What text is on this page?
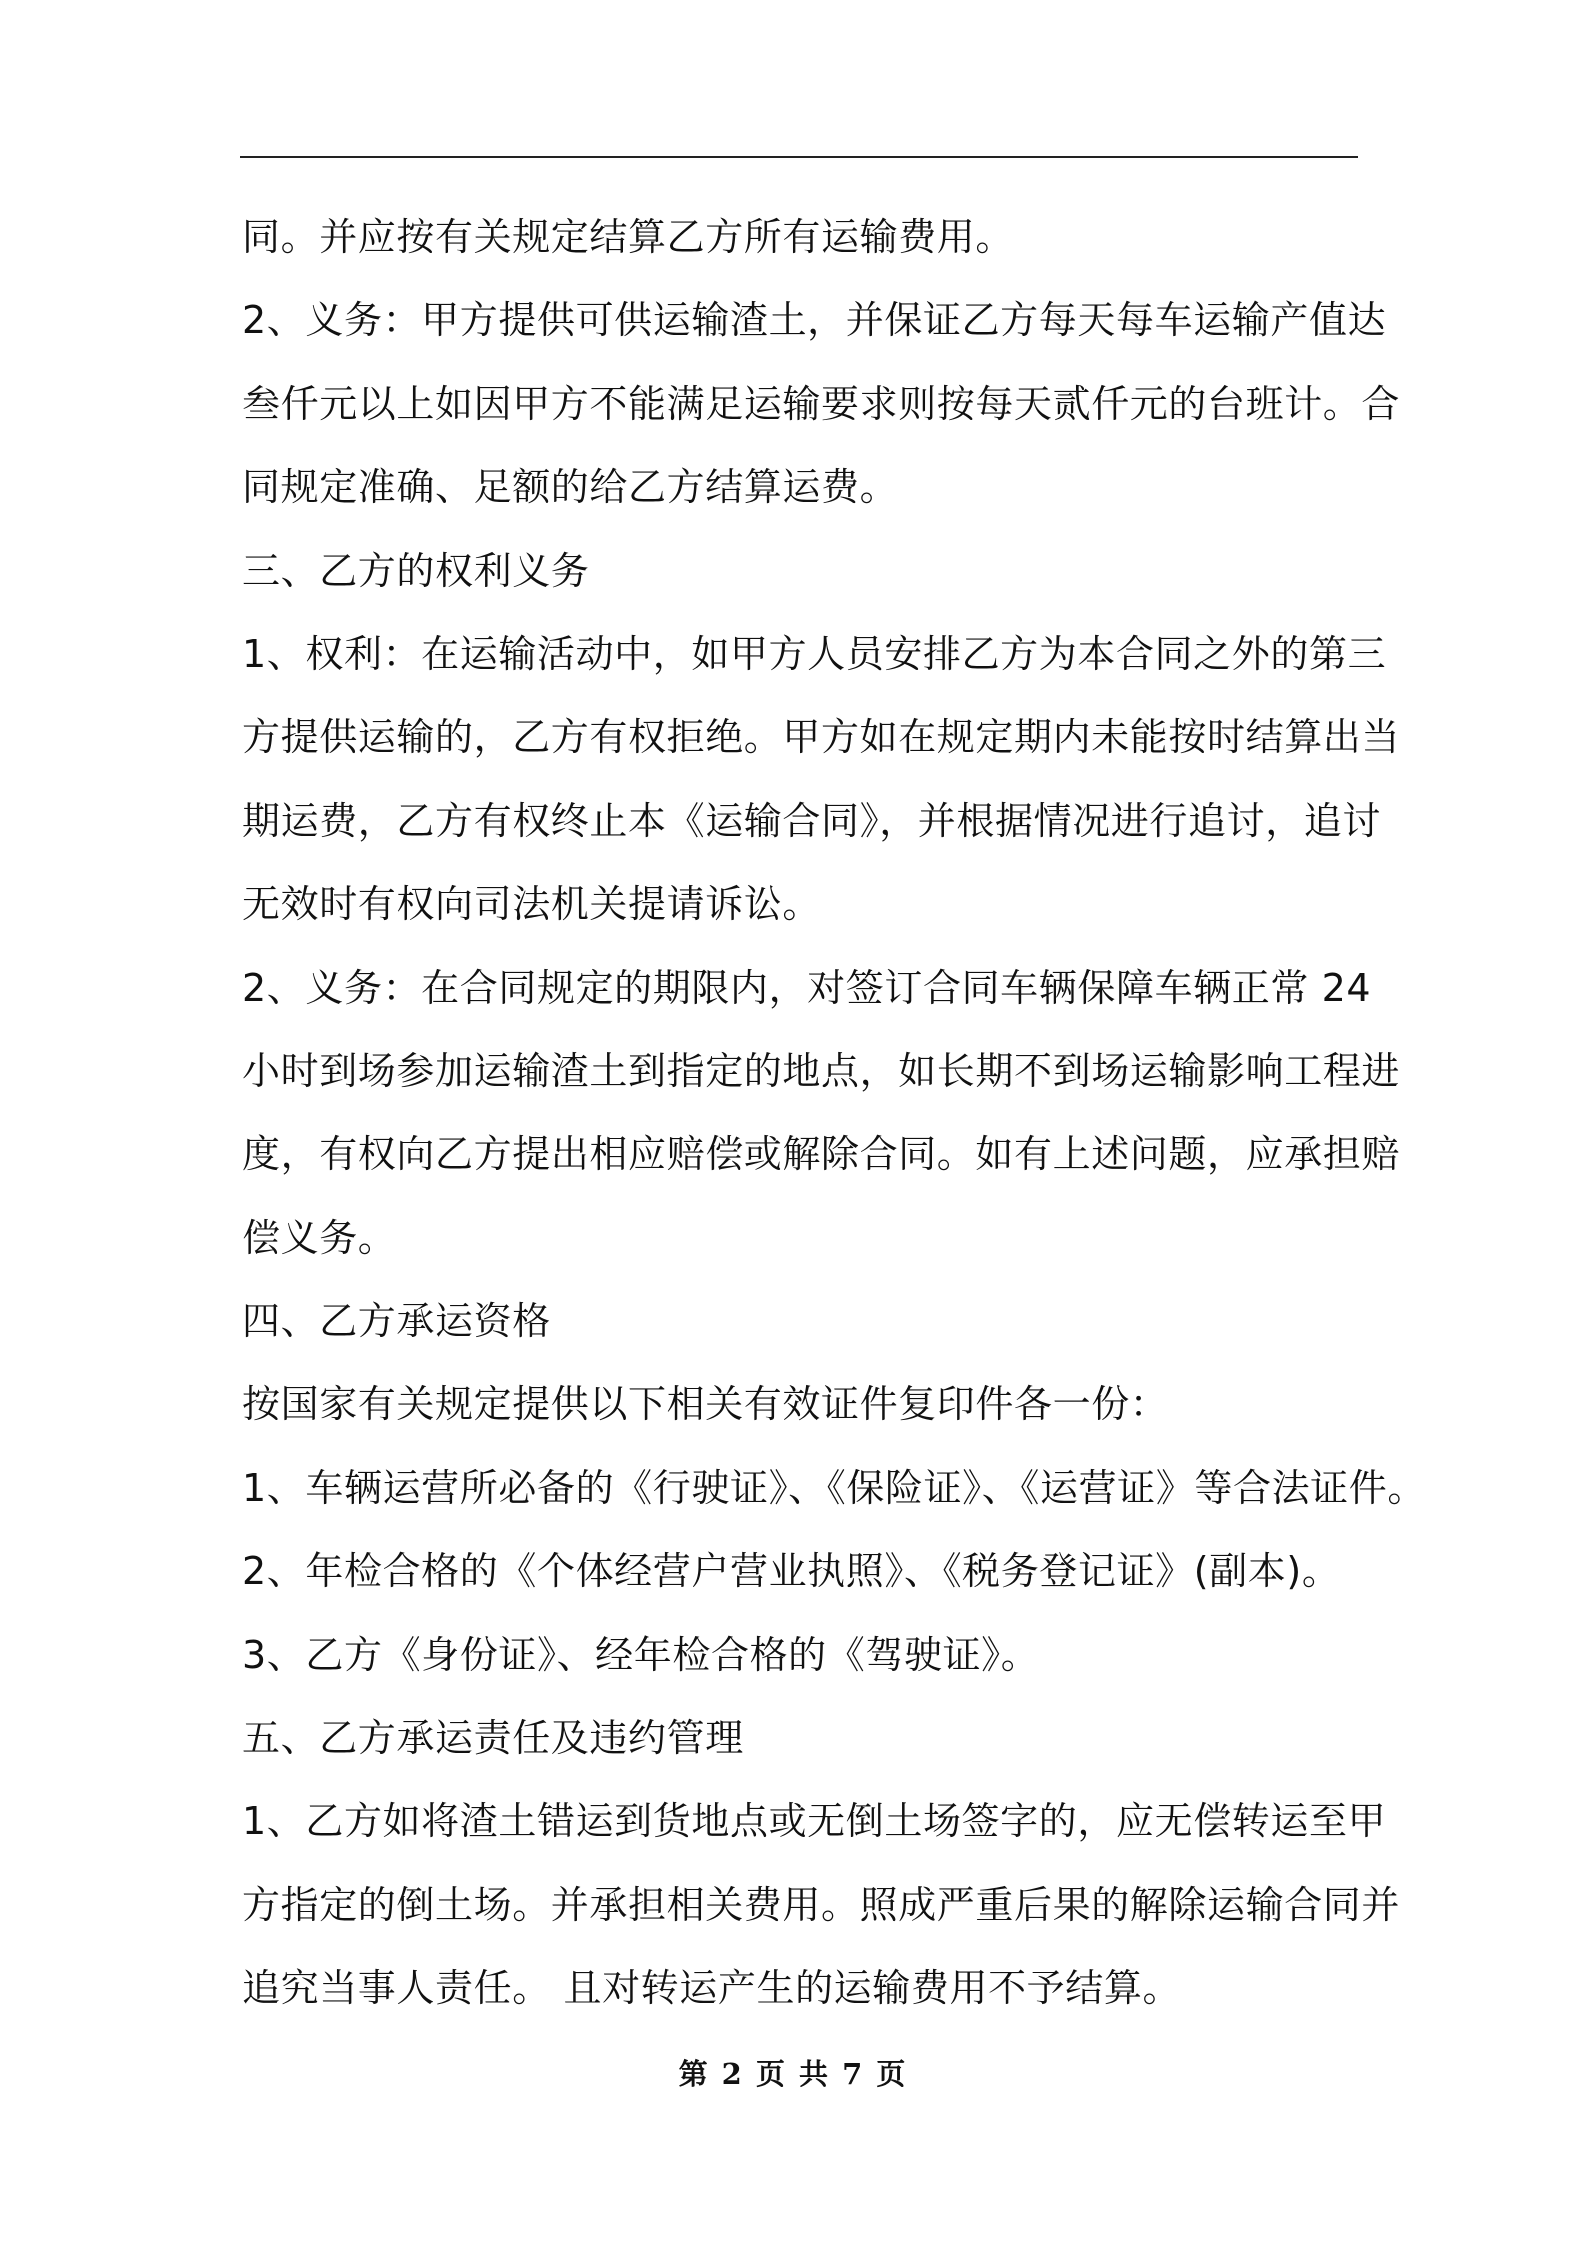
同。并应按有关规定结算乙方所有运输费用。
2、义务：甲方提供可供运输渣土，并保证乙方每天每车运输产值达
叁仟元以上如因甲方不能满足运输要求则按每天贰仟元的台班计。合
同规定准确、足额的给乙方结算运费。
三、乙方的权利义务
1、权利：在运输活动中，如甲方人员安排乙方为本合同之外的第三
方提供运输的，乙方有权拒绝。甲方如在规定期内未能按时结算出当
期运费，乙方有权终止本《运输合同》，并根据情况进行追讨，追讨
无效时有权向司法机关提请诉讼。
2、义务：在合同规定的期限内，对签订合同车辆保障车辆正常 24
小时到场参加运输渣土到指定的地点，如长期不到场运输影响工程进
度，有权向乙方提出相应赔偿或解除合同。如有上述问题，应承担赔
偿义务。
四、乙方承运资格
按国家有关规定提供以下相关有效证件复印件各一份：
1、车辆运营所必备的《行驶证》、《保险证》、《运营证》等合法证件。
2、年检合格的《个体经营户营业执照》、《税务登记证》(副本)。
3、乙方《身份证》、经年检合格的《驾驶证》。
五、乙方承运责任及违约管理
1、乙方如将渣土错运到货地点或无倒土场签字的，应无偿转运至甲
方指定的倒土场。并承担相关费用。照成严重后果的解除运输合同并
追究当事人责任。 且对转运产生的运输费用不予结算。
第 2 页 共 7 页
